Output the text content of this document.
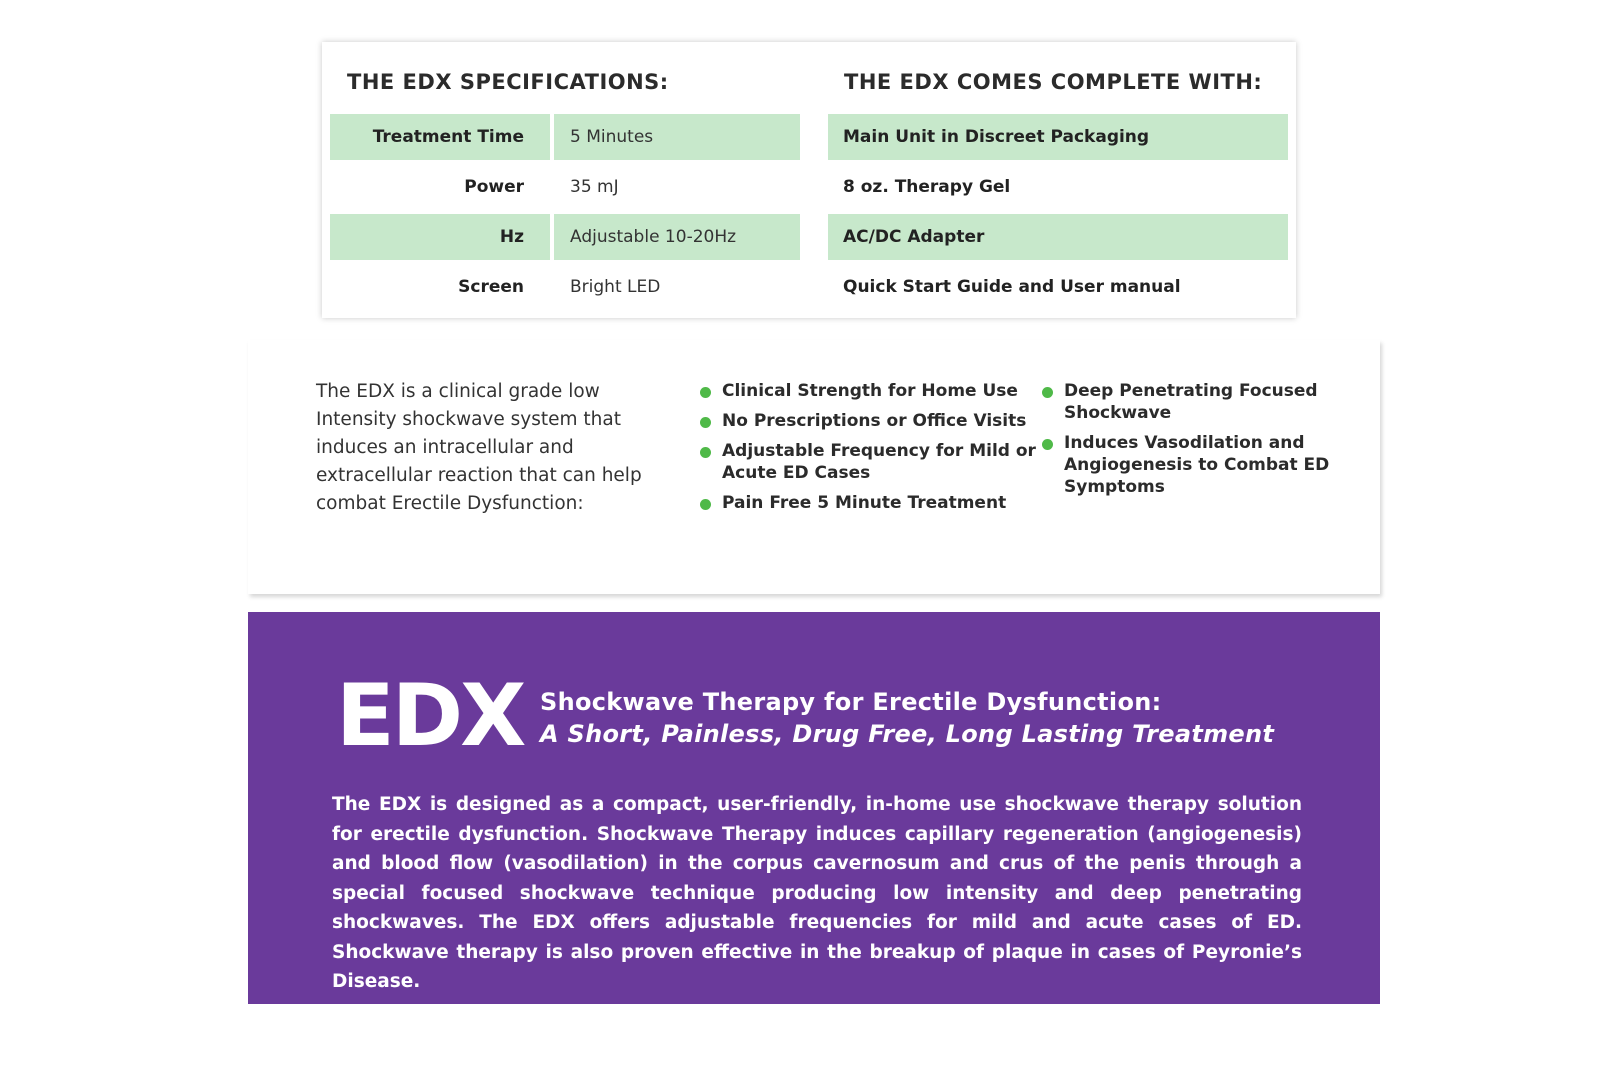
THE EDX SPECIFICATIONS:	THE EDX COMES COMPLETE WITH:
Treatment Time	5 Minutes	Main Unit in Discreet Packaging
Power	35 mJ	8 oz. Therapy Gel
Hz	Adjustable 10-20Hz	AC/DC Adapter
Screen	Bright LED	Quick Start Guide and User manual
The EDX is a clinical grade low Intensity shockwave system that induces an intracellular and extracellular reaction that can help combat Erectile Dysfunction:
Clinical Strength for Home Use
No Prescriptions or Office Visits
Adjustable Frequency for Mild or Acute ED Cases
Pain Free 5 Minute Treatment
Deep Penetrating Focused Shockwave
Induces Vasodilation and Angiogenesis to Combat ED Symptoms
EDX Shockwave Therapy for Erectile Dysfunction:
A Short, Painless, Drug Free, Long Lasting Treatment
The EDX is designed as a compact, user-friendly, in-home use shockwave therapy solution for erectile dysfunction. Shockwave Therapy induces capillary regeneration (angiogenesis) and blood flow (vasodilation) in the corpus cavernosum and crus of the penis through a special focused shockwave technique producing low intensity and deep penetrating shockwaves. The EDX offers adjustable frequencies for mild and acute cases of ED. Shockwave therapy is also proven effective in the breakup of plaque in cases of Peyronie’s Disease.
